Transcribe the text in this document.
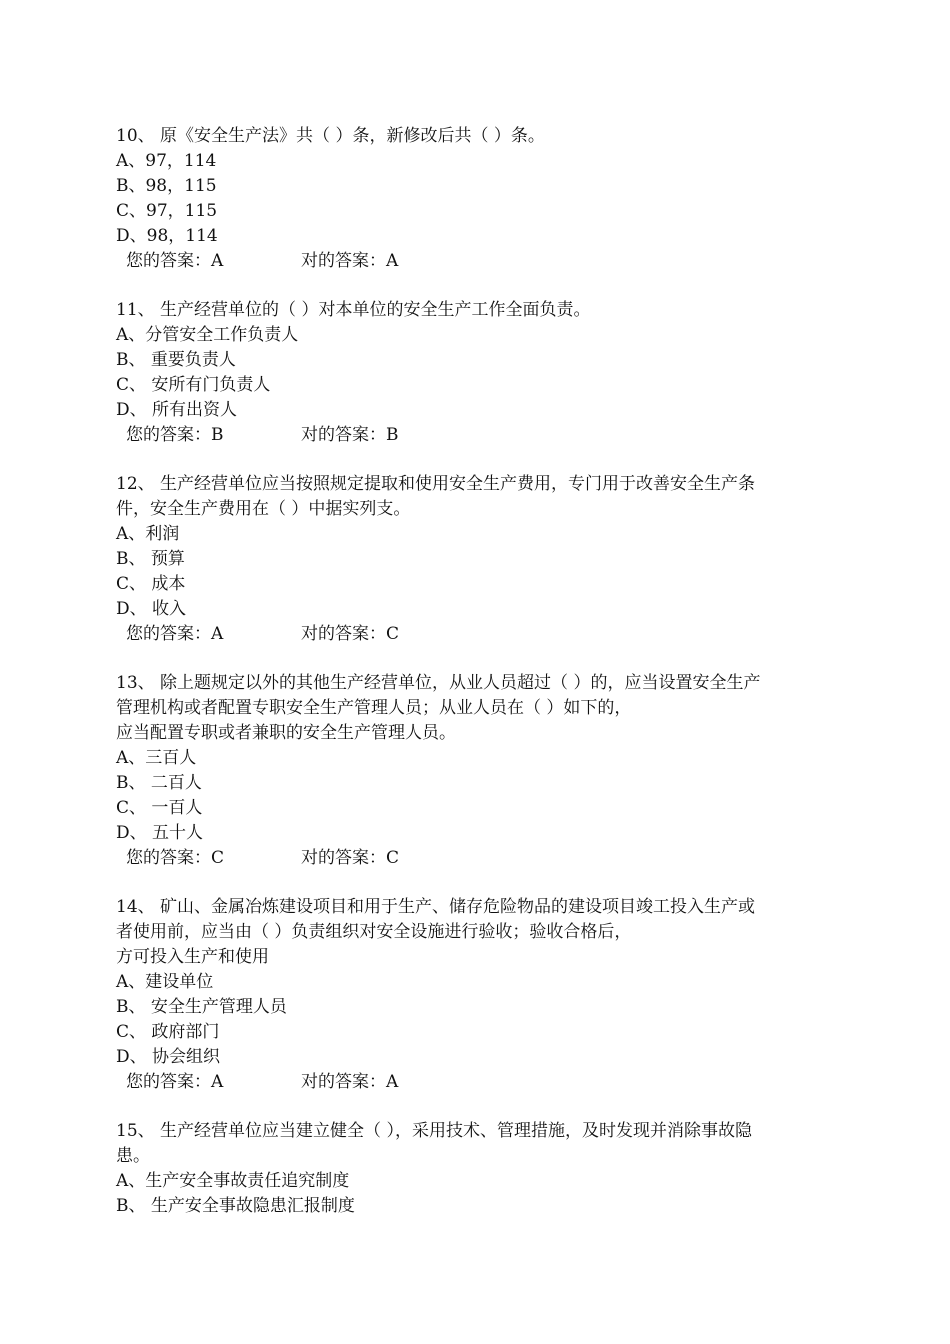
10、 原《安全生产法》共（ ）条，新修改后共（ ）条。
A、97，114
B、98，115
C、97，115
D、98，114
您的答案：A	对的答案：A
11、 生产经营单位的（ ）对本单位的安全生产工作全面负责。
A、分管安全工作负责人
B、 重要负责人
C、 安所有门负责人
D、 所有出资人
您的答案：B	对的答案：B
12、 生产经营单位应当按照规定提取和使用安全生产费用，专门用于改善安全生产条
件，安全生产费用在（ ）中据实列支。
A、利润
B、 预算
C、 成本
D、 收入
您的答案：A	对的答案：C
13、 除上题规定以外的其他生产经营单位，从业人员超过（ ）的，应当设置安全生产
管理机构或者配置专职安全生产管理人员；从业人员在（ ）如下的，
应当配置专职或者兼职的安全生产管理人员。
A、三百人
B、 二百人
C、 一百人
D、 五十人
您的答案：C	对的答案：C
14、 矿山、金属冶炼建设项目和用于生产、储存危险物品的建设项目竣工投入生产或
者使用前，应当由（ ）负责组织对安全设施进行验收；验收合格后，
方可投入生产和使用
A、建设单位
B、 安全生产管理人员
C、 政府部门
D、 协会组织
您的答案：A	对的答案：A
15、 生产经营单位应当建立健全（ ），采用技术、管理措施，及时发现并消除事故隐
患。
A、生产安全事故责任追究制度
B、 生产安全事故隐患汇报制度
